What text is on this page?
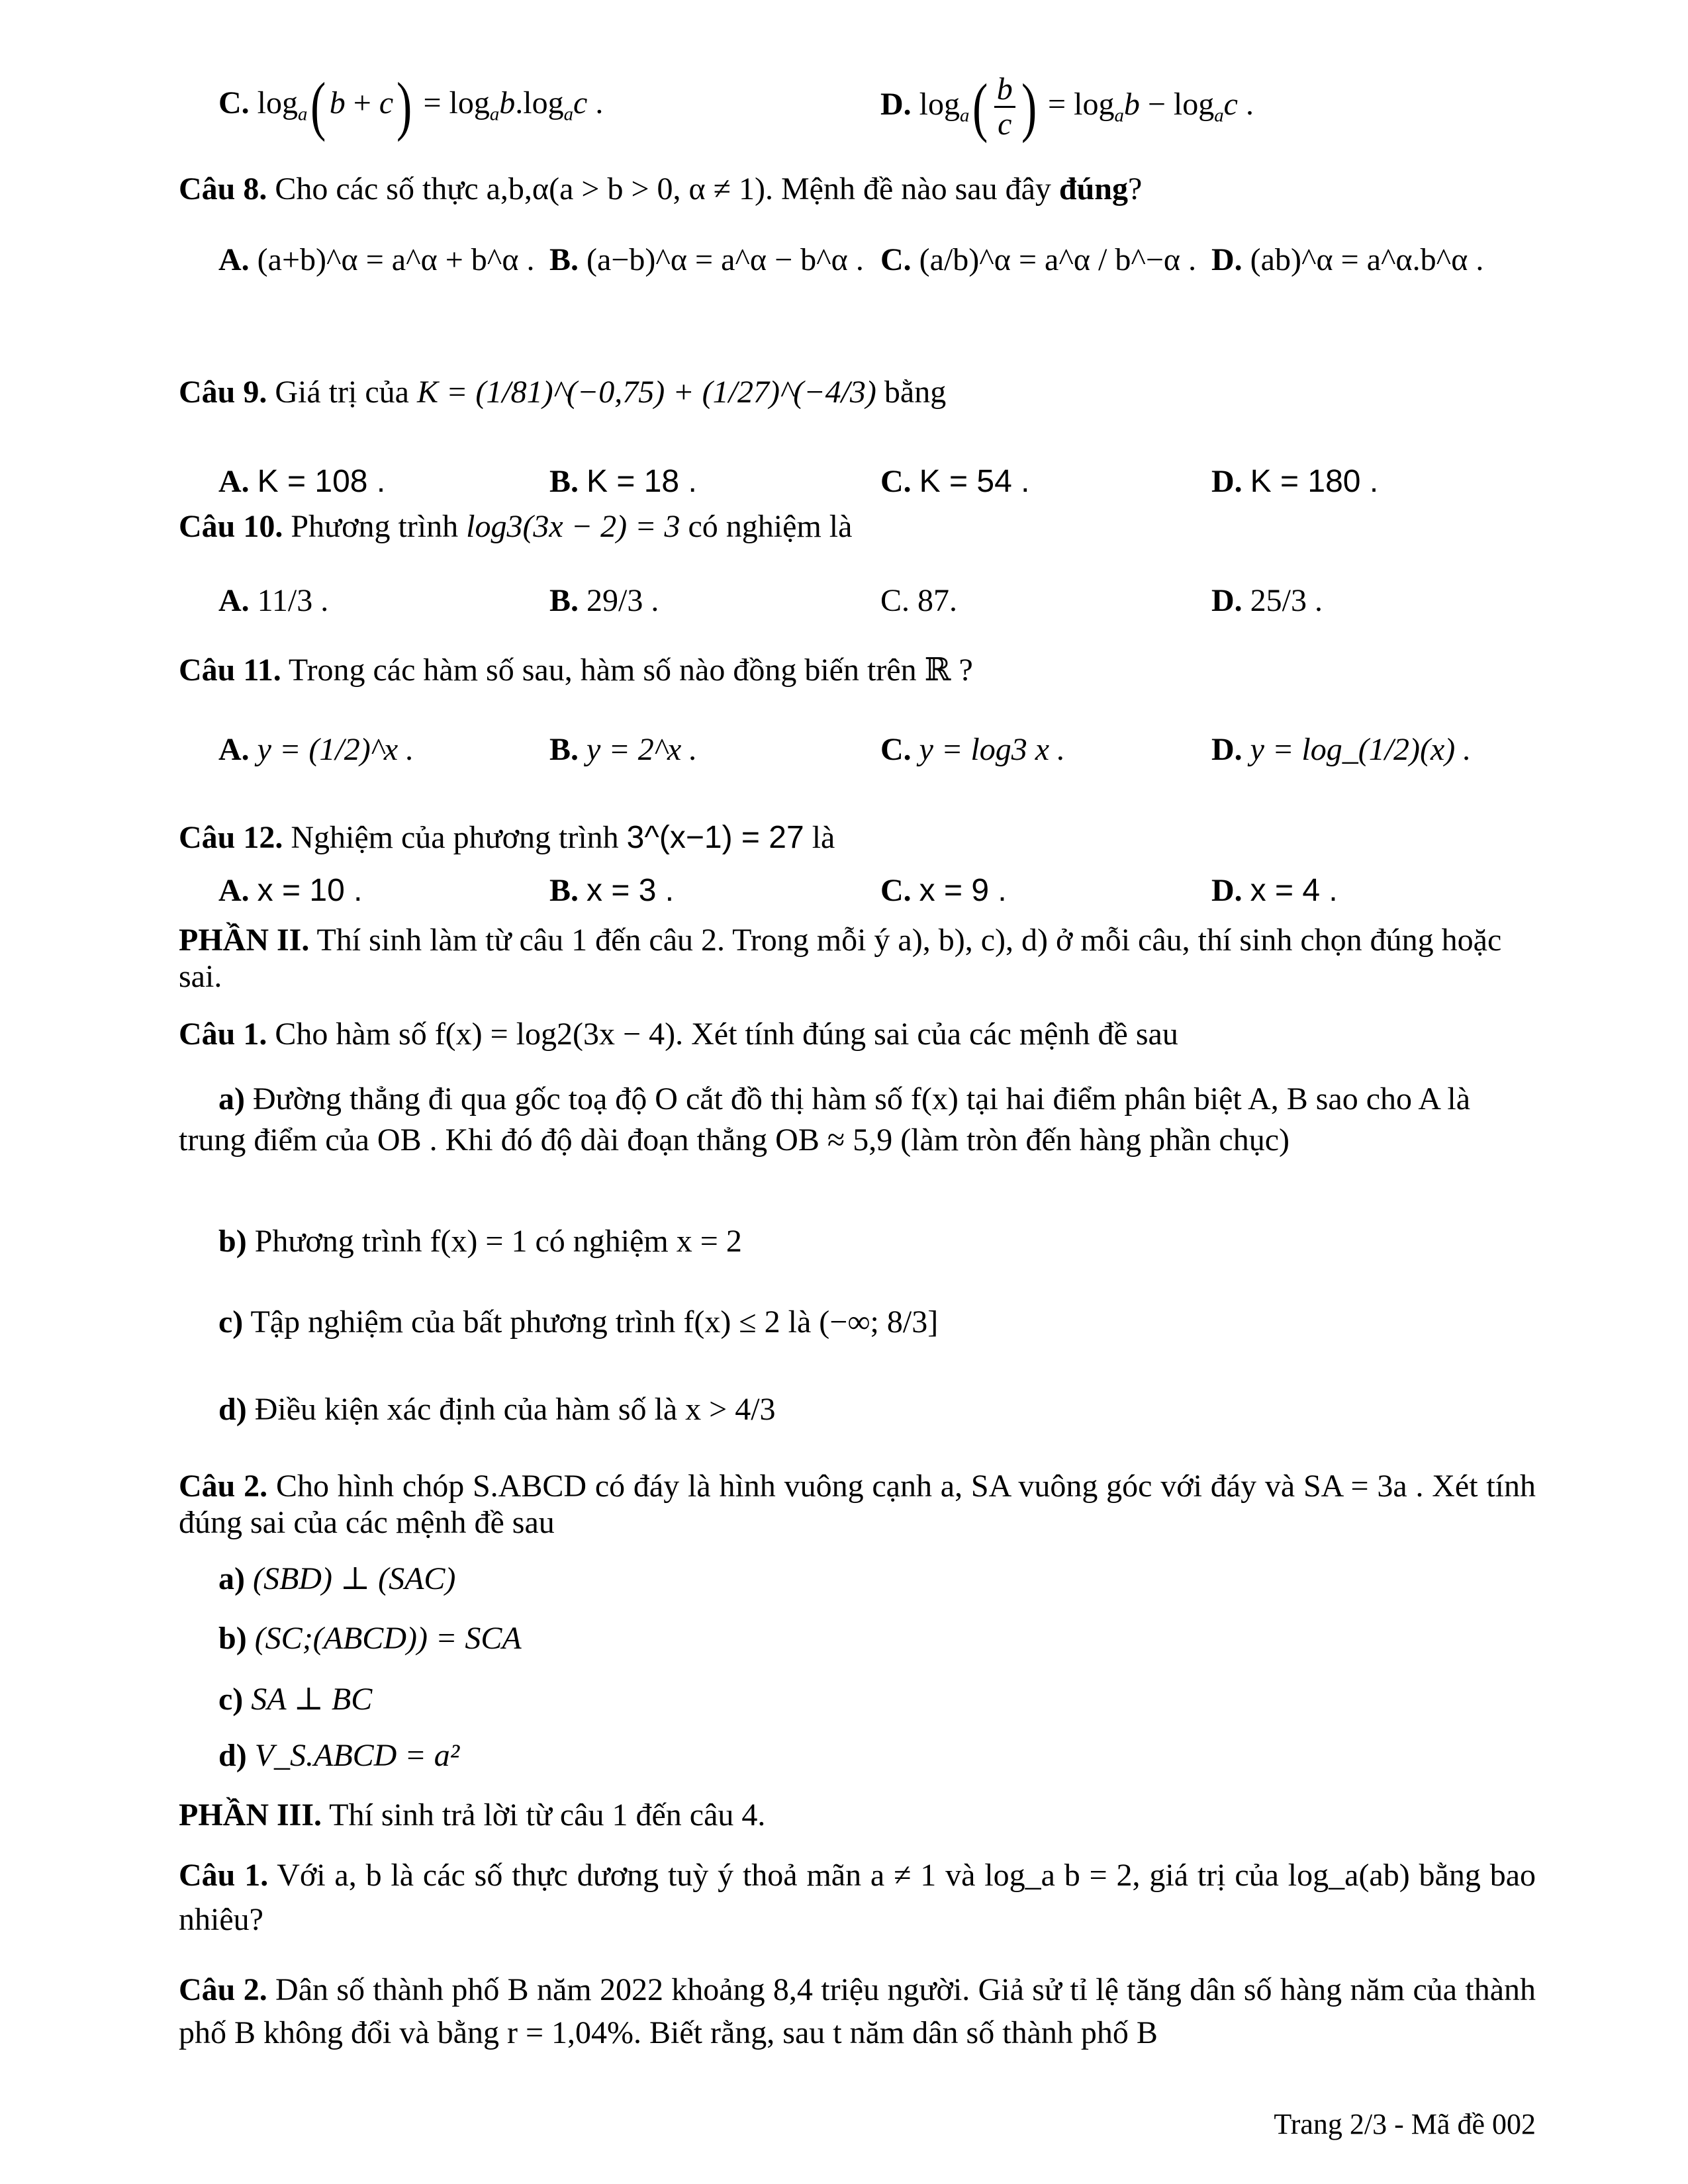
C. $\log_a$( $b + c) = \log_ab.\log_ac$ .	D. $\log_a( \frac{b}{c}$ ) = $\log_ab - \log_ac$ .
Câu 8. Cho các số thực a,b,α(a > b > 0, α ≠ 1). Mệnh đề nào sau đây đúng?
A. (a+b)^α = a^α + b^α . B. (a−b)^α = a^α − b^α . C. (a/b)^α = a^α / b^−α . D. (ab)^α = a^α.b^α .
Câu 9. Giá trị của K = (1/81)^(−0,75) + (1/27)^(−4/3) bằng
A. K = 108 .	B. K = 18 .	C. K = 54 .	D. K = 180 .
Câu 10. Phương trình log3(3x − 2) = 3 có nghiệm là
A. 11/3 .	B. 29/3 .	C. 87.	D. 25/3 .
Câu 11. Trong các hàm số sau, hàm số nào đồng biến trên ℝ ?
A. y = (1/2)^x .	B. y = 2^x .	C. y = log3 x .	D. y = log_(1/2)(x) .
Câu 12. Nghiệm của phương trình 3^(x−1) = 27 là
A. x = 10 .	B. x = 3 .	C. x = 9 .	D. x = 4 .
PHẦN II. Thí sinh làm từ câu 1 đến câu 2. Trong mỗi ý a), b), c), d) ở mỗi câu, thí sinh chọn đúng hoặc sai.
Câu 1. Cho hàm số f(x) = log2(3x − 4). Xét tính đúng sai của các mệnh đề sau
a) Đường thẳng đi qua gốc toạ độ O cắt đồ thị hàm số f(x) tại hai điểm phân biệt A, B sao cho A là trung điểm của OB . Khi đó độ dài đoạn thẳng OB ≈ 5,9 (làm tròn đến hàng phần chục)
b) Phương trình f(x) = 1 có nghiệm x = 2
c) Tập nghiệm của bất phương trình f(x) ≤ 2 là (−∞; 8/3]
d) Điều kiện xác định của hàm số là x > 4/3
Câu 2. Cho hình chóp S.ABCD có đáy là hình vuông cạnh a, SA vuông góc với đáy và SA = 3a . Xét tính đúng sai của các mệnh đề sau
a) (SBD) ⊥ (SAC)
b) (SC;(ABCD)) = SCA
c) SA ⊥ BC
d) V_S.ABCD = a²
PHẦN III. Thí sinh trả lời từ câu 1 đến câu 4.
Câu 1. Với a, b là các số thực dương tuỳ ý thoả mãn a ≠ 1 và log_a b = 2, giá trị của log_a(ab) bằng bao nhiêu?
Câu 2. Dân số thành phố B năm 2022 khoảng 8,4 triệu người. Giả sử tỉ lệ tăng dân số hàng năm của thành phố B không đổi và bằng r = 1,04%. Biết rằng, sau t năm dân số thành phố B
Trang 2/3 - Mã đề 002
